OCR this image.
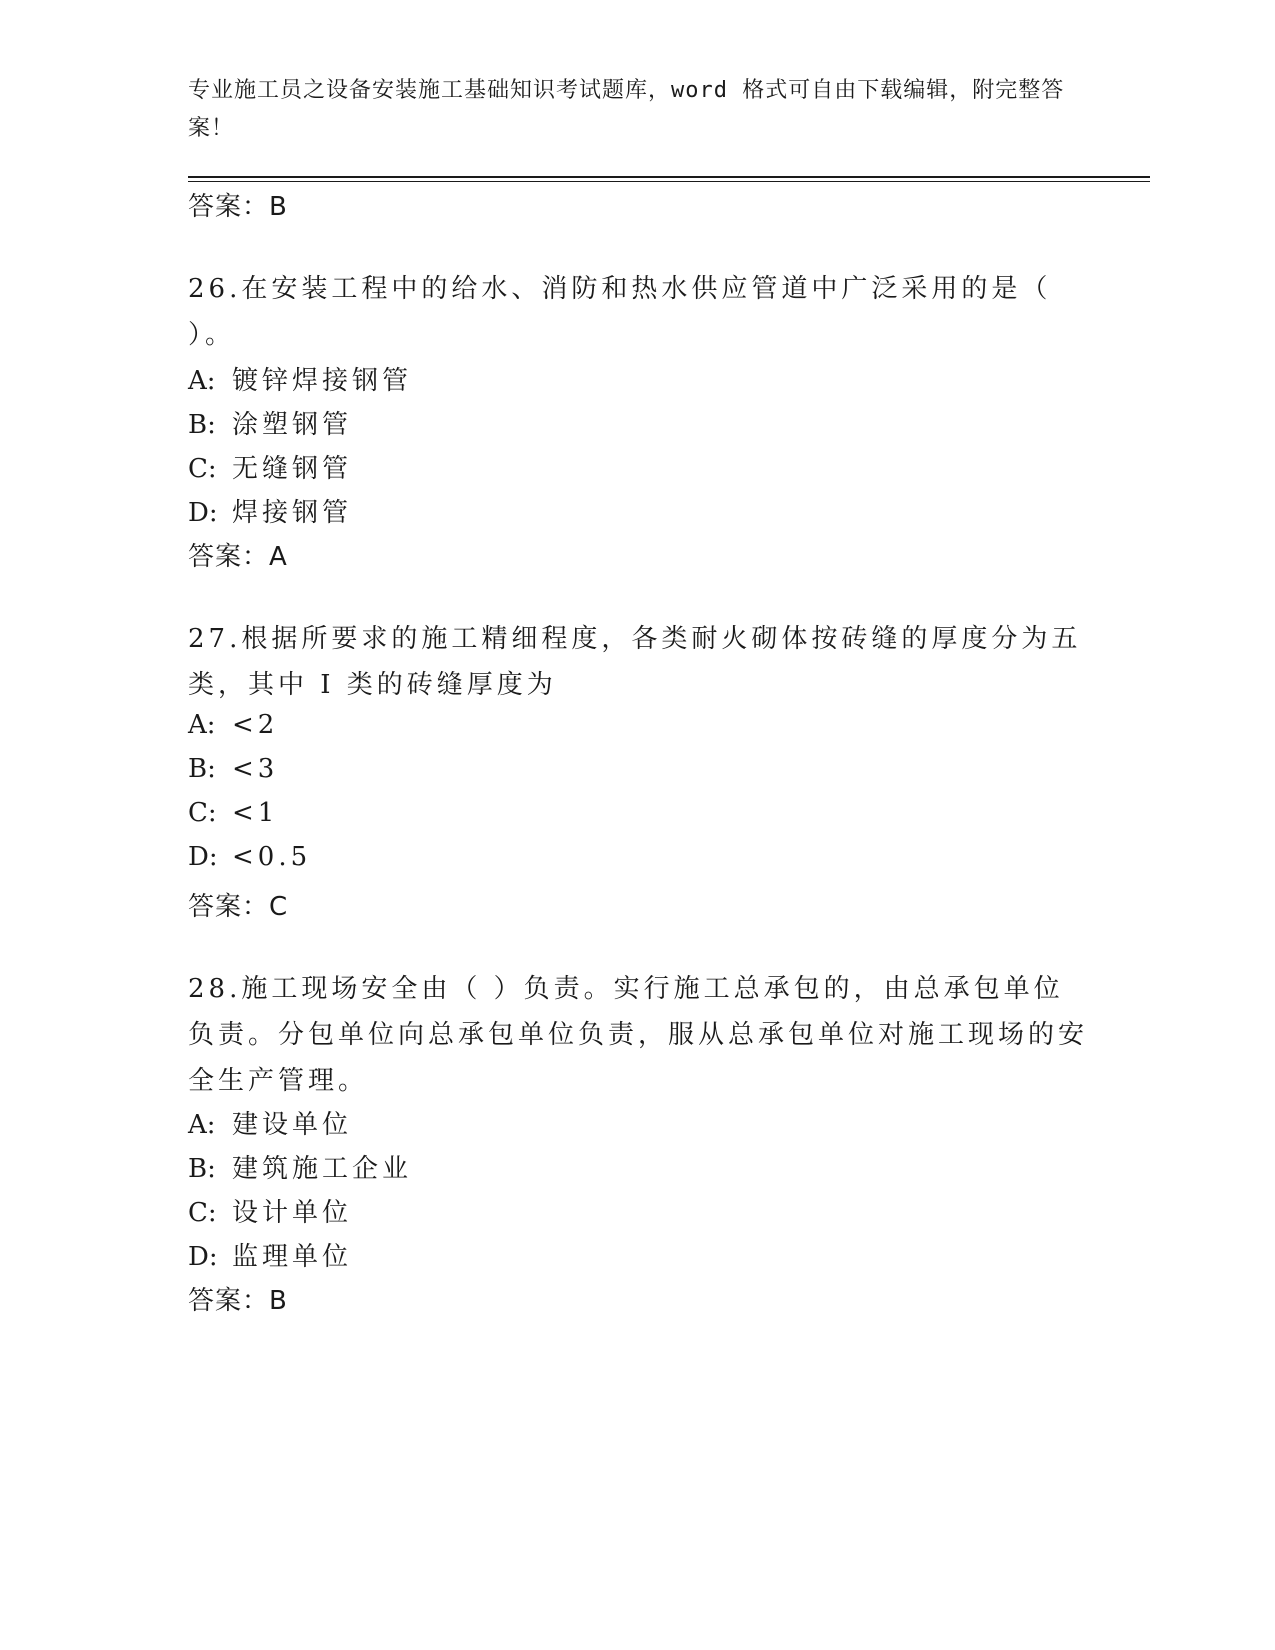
专业施工员之设备安装施工基础知识考试题库，word 格式可自由下载编辑，附完整答案！
答案：B
26.在安装工程中的给水、消防和热水供应管道中广泛采用的是（ ）。
A: 镀锌焊接钢管
B: 涂塑钢管
C: 无缝钢管
D: 焊接钢管
答案：A
27.根据所要求的施工精细程度，各类耐火砌体按砖缝的厚度分为五类，其中 I 类的砖缝厚度为
A: <2
B: <3
C: <1
D: <0.5
答案：C
28.施工现场安全由（ ）负责。实行施工总承包的，由总承包单位负责。分包单位向总承包单位负责，服从总承包单位对施工现场的安全生产管理。
A: 建设单位
B: 建筑施工企业
C: 设计单位
D: 监理单位
答案：B
